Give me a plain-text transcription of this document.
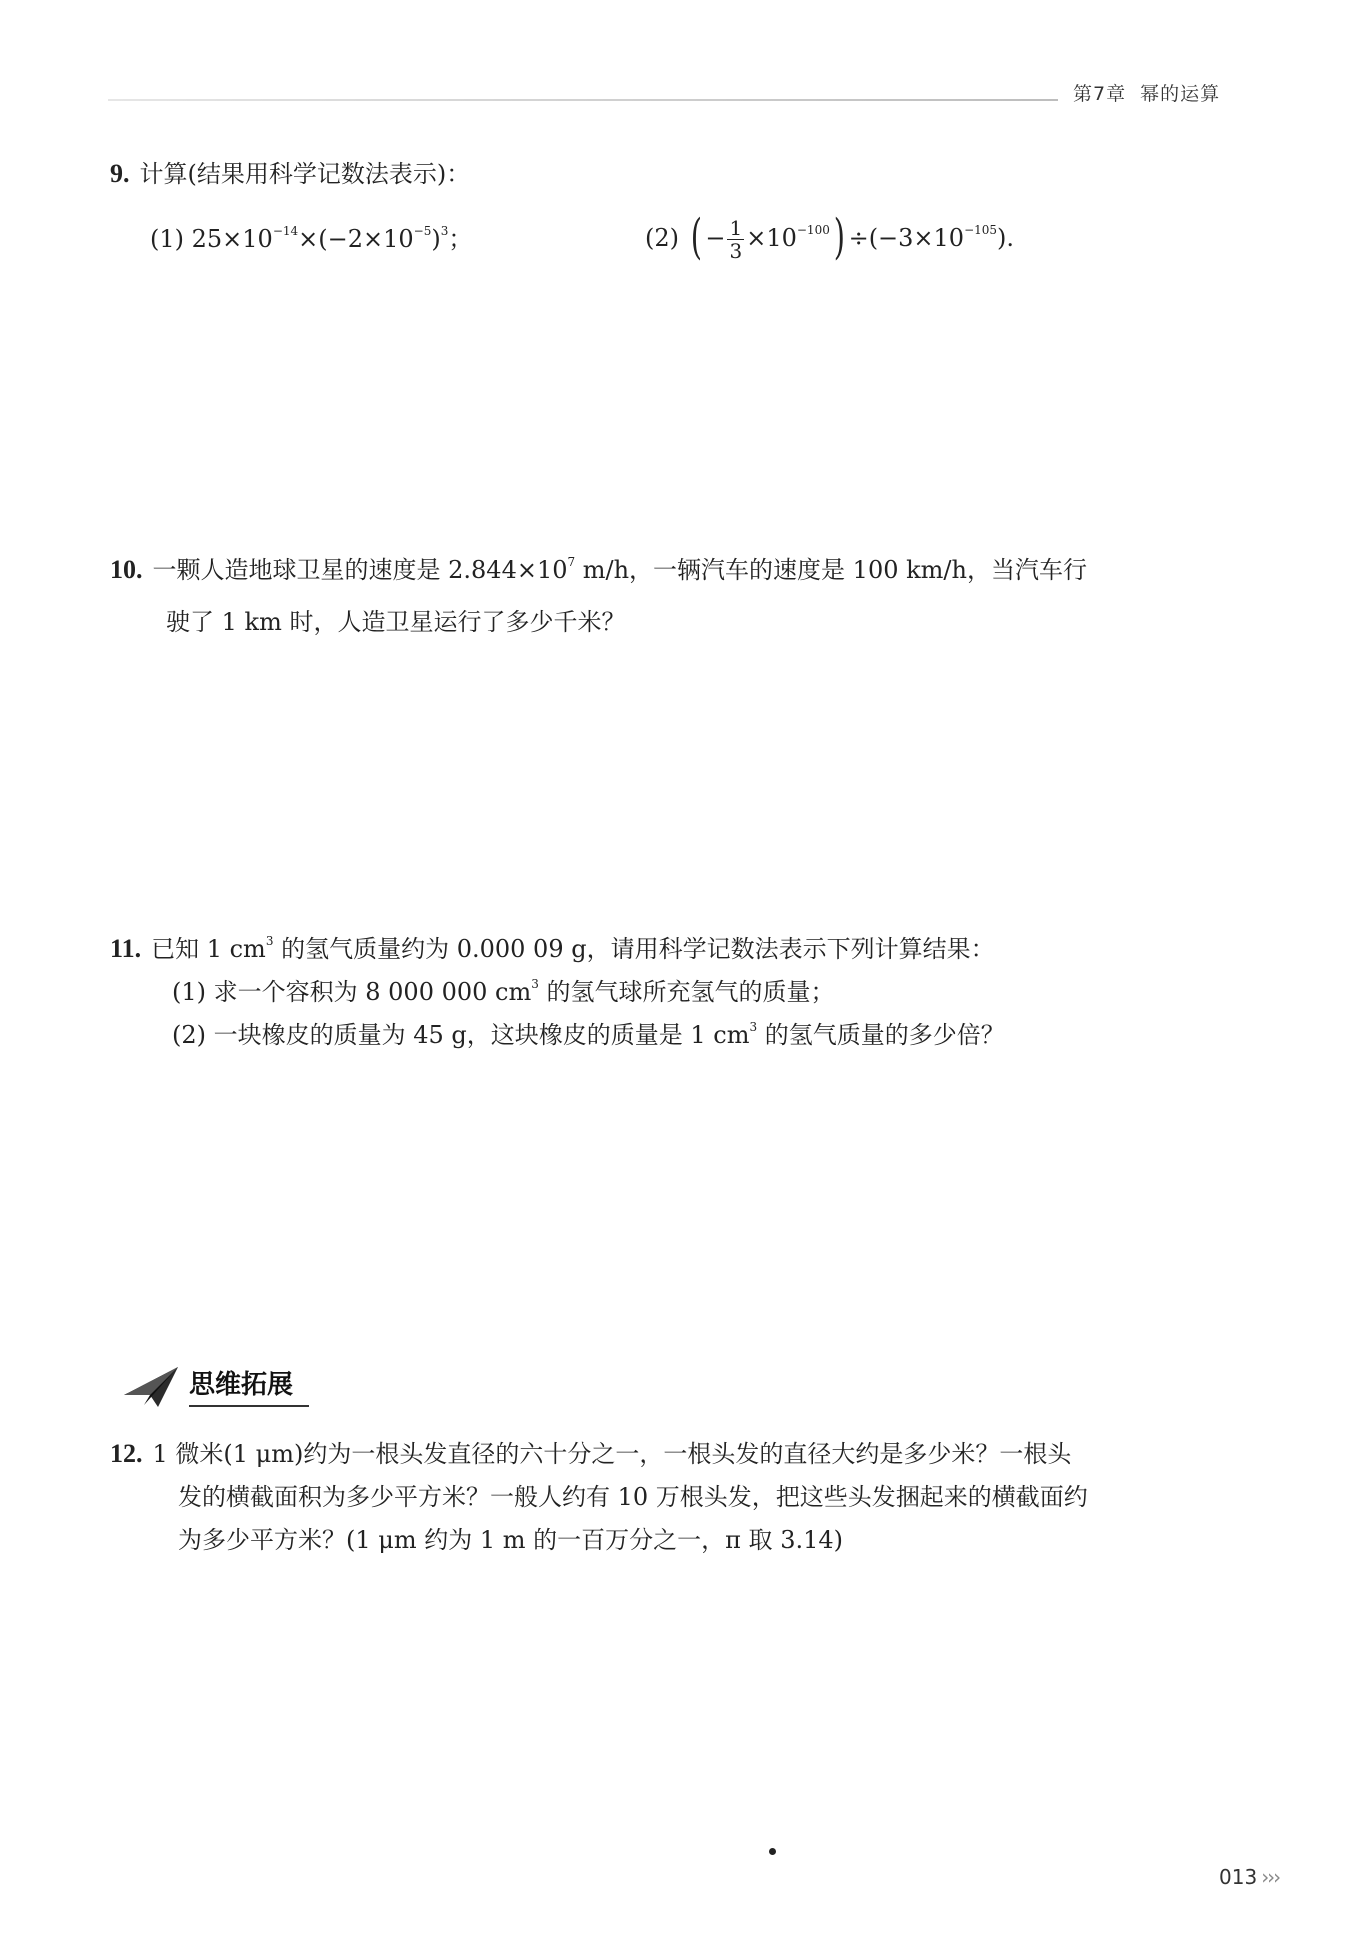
第7章 幂的运算
9. 计算(结果用科学记数法表示)：
(1) $25\times 10^{-14}\times(-2\times 10^{-5})^3$；	(2) ( − $\frac{1}{3} \times 10^{-100}) \div(-3\times 10^{-105})$.
10. 一颗人造地球卫星的速度是 $2.844\times 10^7$ m/h，一辆汽车的速度是 100 km/h，当汽车行
驶了 1 km 时，人造卫星运行了多少千米？
11. 已知 1 $cm^3$ 的氢气质量约为 0.000 09 g，请用科学记数法表示下列计算结果：
(1) 求一个容积为 8 000 000 $cm^3$ 的氢气球所充氢气的质量；
(2) 一块橡皮的质量为 45 g，这块橡皮的质量是 1 $cm^3$ 的氢气质量的多少倍？
思维拓展
12. 1 微米(1 μm)约为一根头发直径的六十分之一，一根头发的直径大约是多少米？一根头
发的横截面积为多少平方米？一般人约有 10 万根头发，把这些头发捆起来的横截面约
为多少平方米？(1 μm 约为 1 m 的一百万分之一，π 取 3.14)
013 ›››
